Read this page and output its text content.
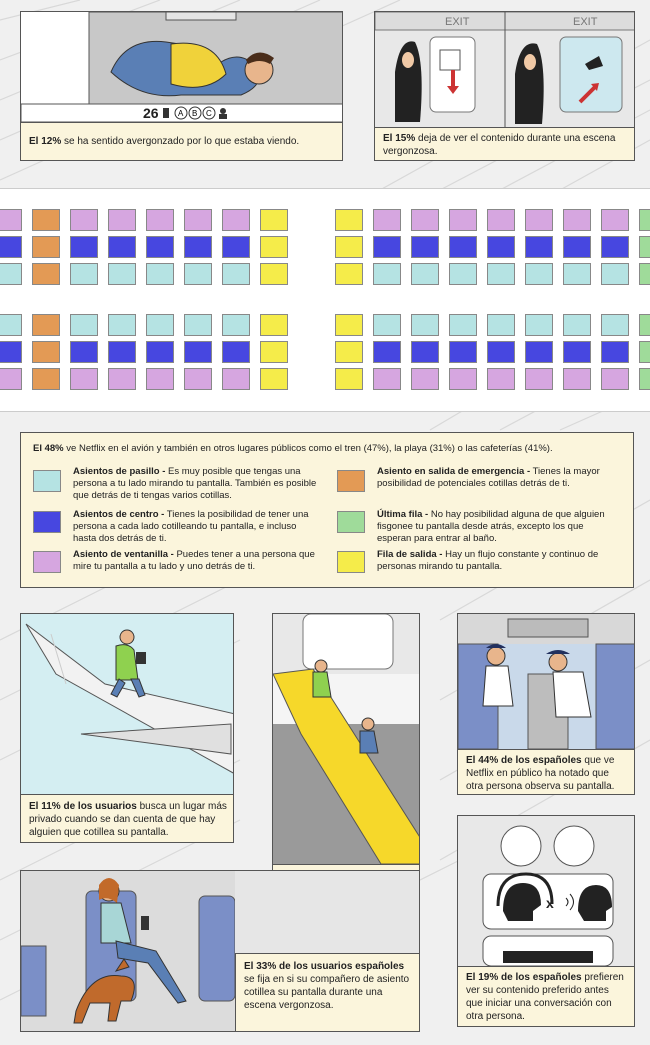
26 A B C
El 12% se ha sentido avergonzado por lo que estaba viendo.
EXIT	EXIT
El 15% deja de ver el contenido durante una escena vergonzosa.
El 48% ve Netflix en el avión y también en otros lugares públicos como el tren (47%), la playa (31%) o las cafeterías (41%).
Asientos de pasillo - Es muy posible que tengas una persona a tu lado mirando tu pantalla. También es posible que detrás de ti tengas varios cotillas.
Asiento en salida de emergencia - Tienes la mayor posibilidad de potenciales cotillas detrás de ti.
Asientos de centro - Tienes la posibilidad de tener una persona a cada lado cotilleando tu pantalla, e incluso hasta dos detrás de ti.
Última fila - No hay posibilidad alguna de que alguien fisgonee tu pantalla desde atrás, excepto los que esperan para entrar al baño.
Asiento de ventanilla - Puedes tener a una persona que mire tu pantalla a tu lado y uno detrás de ti.
Fila de salida - Hay un flujo constante y continuo de personas mirando tu pantalla.
El 11% de los usuarios busca un lugar más privado cuando se dan cuenta de que hay alguien que cotillea su pantalla.
El 44% de los españoles que ve Netflix en público ha notado que otra persona observa su pantalla.
El 33% de los usuarios españoles se fija en si su compañero de asiento cotillea su pantalla durante una escena vergonzosa.
x
El 19% de los españoles prefieren ver su contenido preferido antes que iniciar una conversación con otra persona.
